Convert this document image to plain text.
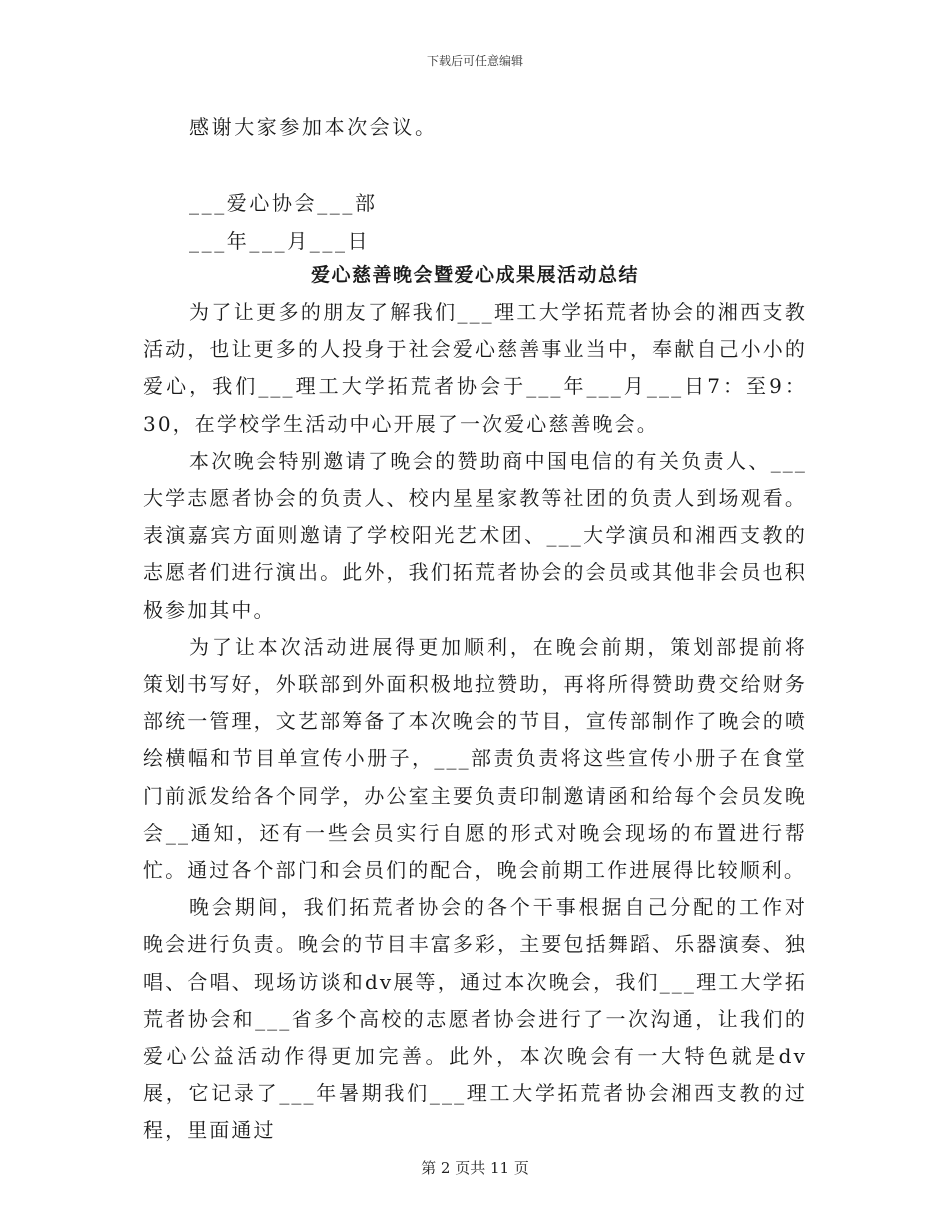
下载后可任意编辑
感谢大家参加本次会议。
___爱心协会___部
___年___月___日
爱心慈善晚会暨爱心成果展活动总结

为了让更多的朋友了解我们___理工大学拓荒者协会的湘西支教活动，也让更多的人投身于社会爱心慈善事业当中，奉献自己小小的爱心，我们___理工大学拓荒者协会于___年___月___日7：至9：30，在学校学生活动中心开展了一次爱心慈善晚会。

本次晚会特别邀请了晚会的赞助商中国电信的有关负责人、___大学志愿者协会的负责人、校内星星家教等社团的负责人到场观看。表演嘉宾方面则邀请了学校阳光艺术团、___大学演员和湘西支教的志愿者们进行演出。此外，我们拓荒者协会的会员或其他非会员也积极参加其中。

为了让本次活动进展得更加顺利，在晚会前期，策划部提前将策划书写好，外联部到外面积极地拉赞助，再将所得赞助费交给财务部统一管理，文艺部筹备了本次晚会的节目，宣传部制作了晚会的喷绘横幅和节目单宣传小册子，___部责负责将这些宣传小册子在食堂门前派发给各个同学，办公室主要负责印制邀请函和给每个会员发晚会__通知，还有一些会员实行自愿的形式对晚会现场的布置进行帮忙。通过各个部门和会员们的配合，晚会前期工作进展得比较顺利。

晚会期间，我们拓荒者协会的各个干事根据自己分配的工作对晚会进行负责。晚会的节目丰富多彩，主要包括舞蹈、乐器演奏、独唱、合唱、现场访谈和dv展等，通过本次晚会，我们___理工大学拓荒者协会和___省多个高校的志愿者协会进行了一次沟通，让我们的爱心公益活动作得更加完善。此外，本次晚会有一大特色就是dv展，它记录了___年暑期我们___理工大学拓荒者协会湘西支教的过程，里面通过

第 2 页共 11 页
